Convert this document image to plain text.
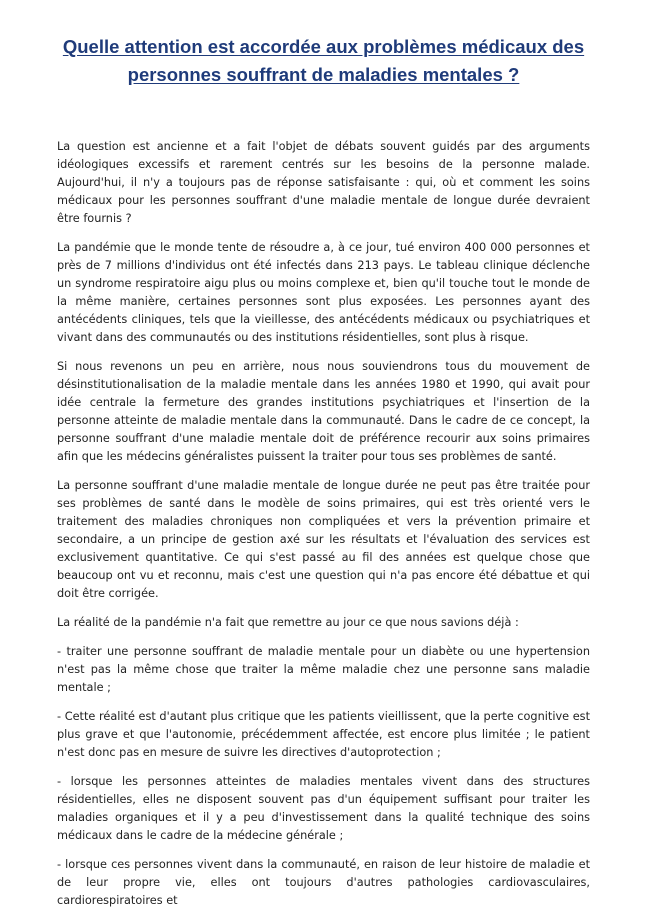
Quelle attention est accordée aux problèmes médicaux des personnes souffrant de maladies mentales ?

La question est ancienne et a fait l'objet de débats souvent guidés par des arguments idéologiques excessifs et rarement centrés sur les besoins de la personne malade. Aujourd'hui, il n'y a toujours pas de réponse satisfaisante : qui, où et comment les soins médicaux pour les personnes souffrant d'une maladie mentale de longue durée devraient être fournis ?

La pandémie que le monde tente de résoudre a, à ce jour, tué environ 400 000 personnes et près de 7 millions d'individus ont été infectés dans 213 pays. Le tableau clinique déclenche un syndrome respiratoire aigu plus ou moins complexe et, bien qu'il touche tout le monde de la même manière, certaines personnes sont plus exposées. Les personnes ayant des antécédents cliniques, tels que la vieillesse, des antécédents médicaux ou psychiatriques et vivant dans des communautés ou des institutions résidentielles, sont plus à risque.

Si nous revenons un peu en arrière, nous nous souviendrons tous du mouvement de désinstitutionalisation de la maladie mentale dans les années 1980 et 1990, qui avait pour idée centrale la fermeture des grandes institutions psychiatriques et l'insertion de la personne atteinte de maladie mentale dans la communauté. Dans le cadre de ce concept, la personne souffrant d'une maladie mentale doit de préférence recourir aux soins primaires afin que les médecins généralistes puissent la traiter pour tous ses problèmes de santé.

La personne souffrant d'une maladie mentale de longue durée ne peut pas être traitée pour ses problèmes de santé dans le modèle de soins primaires, qui est très orienté vers le traitement des maladies chroniques non compliquées et vers la prévention primaire et secondaire, a un principe de gestion axé sur les résultats et l'évaluation des services est exclusivement quantitative. Ce qui s'est passé au fil des années est quelque chose que beaucoup ont vu et reconnu, mais c'est une question qui n'a pas encore été débattue et qui doit être corrigée.

La réalité de la pandémie n'a fait que remettre au jour ce que nous savions déjà :

- traiter une personne souffrant de maladie mentale pour un diabète ou une hypertension n'est pas la même chose que traiter la même maladie chez une personne sans maladie mentale ;

- Cette réalité est d'autant plus critique que les patients vieillissent, que la perte cognitive est plus grave et que l'autonomie, précédemment affectée, est encore plus limitée ; le patient n'est donc pas en mesure de suivre les directives d'autoprotection ;

- lorsque les personnes atteintes de maladies mentales vivent dans des structures résidentielles, elles ne disposent souvent pas d'un équipement suffisant pour traiter les maladies organiques et il y a peu d'investissement dans la qualité technique des soins médicaux dans le cadre de la médecine générale ;

- lorsque ces personnes vivent dans la communauté, en raison de leur histoire de maladie et de leur propre vie, elles ont toujours d'autres pathologies cardiovasculaires, cardiorespiratoires et
